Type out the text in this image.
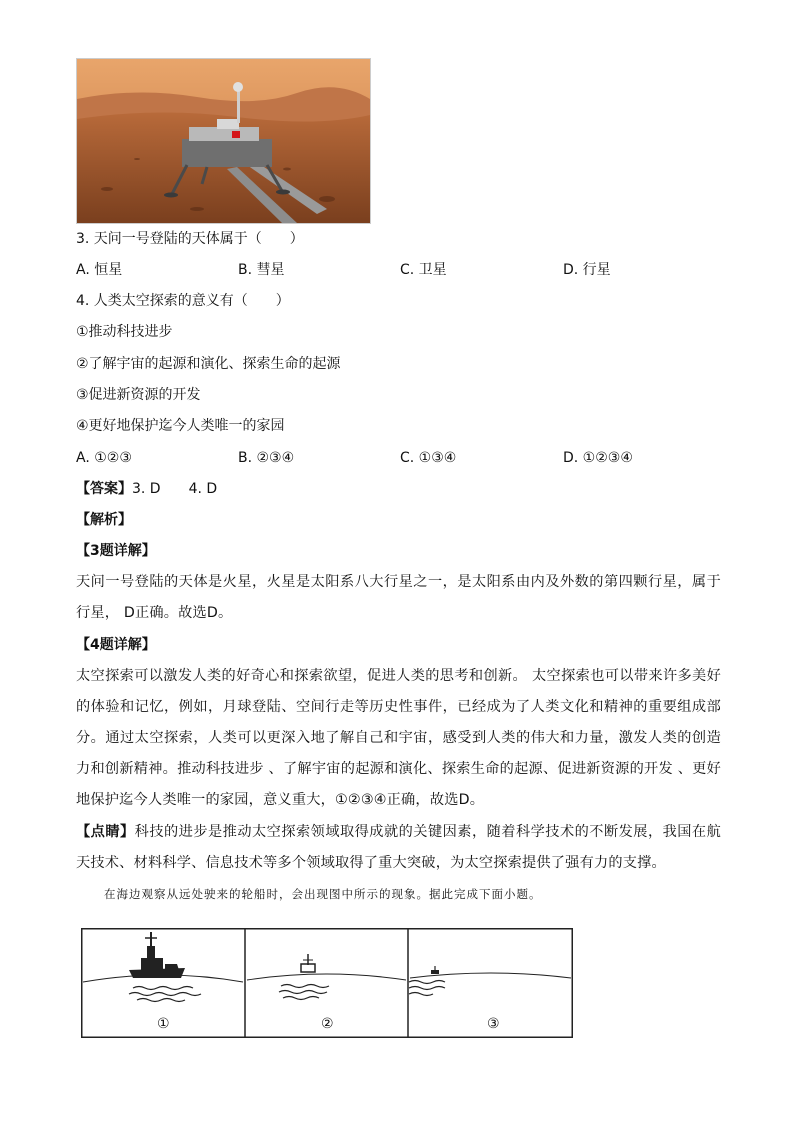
3. 天问一号登陆的天体属于（　　）
A. 恒星	B. 彗星	C. 卫星	D. 行星
4. 人类太空探索的意义有（　　）
①推动科技进步
②了解宇宙的起源和演化、探索生命的起源
③促进新资源的开发
④更好地保护迄今人类唯一的家园
A. ①②③	B. ②③④	C. ①③④	D. ①②③④
【答案】3. D　　4. D
【解析】
【3题详解】
天问一号登陆的天体是火星，火星是太阳系八大行星之一，是太阳系由内及外数的第四颗行星，属于行星， D正确。故选D。
【4题详解】
太空探索可以激发人类的好奇心和探索欲望，促进人类的思考和创新。 太空探索也可以带来许多美好的体验和记忆，例如，月球登陆、空间行走等历史性事件，已经成为了人类文化和精神的重要组成部分。通过太空探索，人类可以更深入地了解自己和宇宙，感受到人类的伟大和力量，激发人类的创造力和创新精神。推动科技进步 、了解宇宙的起源和演化、探索生命的起源、促进新资源的开发 、更好地保护迄今人类唯一的家园，意义重大，①②③④正确，故选D。
【点睛】科技的进步是推动太空探索领域取得成就的关键因素，随着科学技术的不断发展，我国在航天技术、材料科学、信息技术等多个领域取得了重大突破，为太空探索提供了强有力的支撑。
在海边观察从远处驶来的轮船时，会出现图中所示的现象。据此完成下面小题。
①	②	③
